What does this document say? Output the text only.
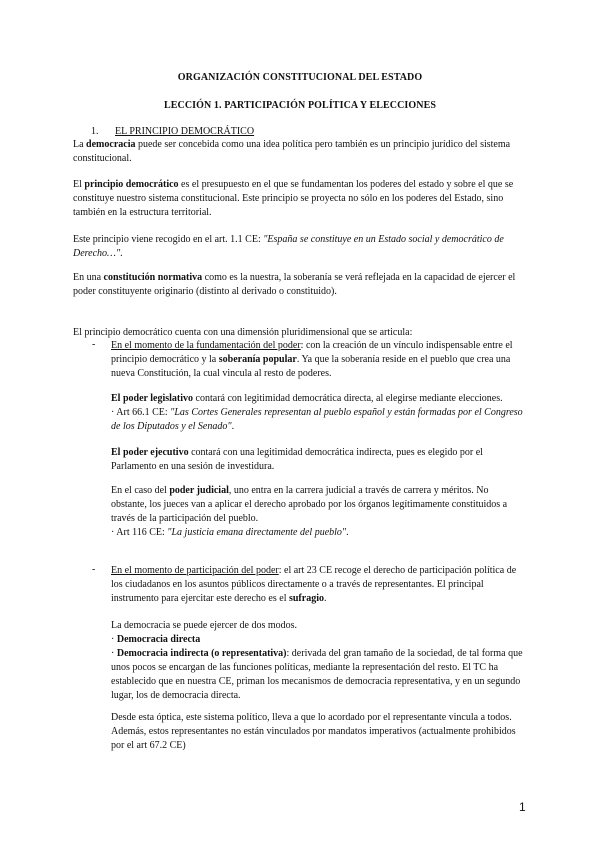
ORGANIZACIÓN CONSTITUCIONAL DEL ESTADO
LECCIÓN 1. PARTICIPACIÓN POLÍTICA Y ELECCIONES
1. EL PRINCIPIO DEMOCRÁTICO
La democracia puede ser concebida como una idea política pero también es un principio jurídico del sistema constitucional.
El principio democrático es el presupuesto en el que se fundamentan los poderes del estado y sobre el que se constituye nuestro sistema constitucional. Este principio se proyecta no sólo en los poderes del Estado, sino también en la estructura territorial.
Este principio viene recogido en el art. 1.1 CE: "España se constituye en un Estado social y democrático de Derecho…".
En una constitución normativa como es la nuestra, la soberanía se verá reflejada en la capacidad de ejercer el poder constituyente originario (distinto al derivado o constituido).
El principio democrático cuenta con una dimensión pluridimensional que se articula:
- En el momento de la fundamentación del poder: con la creación de un vínculo indispensable entre el principio democrático y la soberanía popular. Ya que la soberanía reside en el pueblo que crea una nueva Constitución, la cual vincula al resto de poderes.
El poder legislativo contará con legitimidad democrática directa, al elegirse mediante elecciones.
· Art 66.1 CE: "Las Cortes Generales representan al pueblo español y están formadas por el Congreso de los Diputados y el Senado".
El poder ejecutivo contará con una legitimidad democrática indirecta, pues es elegido por el Parlamento en una sesión de investidura.
En el caso del poder judicial, uno entra en la carrera judicial a través de carrera y méritos. No obstante, los jueces van a aplicar el derecho aprobado por los órganos legítimamente constituidos a través de la participación del pueblo.
· Art 116 CE: "La justicia emana directamente del pueblo".
- En el momento de participación del poder: el art 23 CE recoge el derecho de participación política de los ciudadanos en los asuntos públicos directamente o a través de representantes. El principal instrumento para ejercitar este derecho es el sufragio.
La democracia se puede ejercer de dos modos.
· Democracia directa
· Democracia indirecta (o representativa): derivada del gran tamaño de la sociedad, de tal forma que unos pocos se encargan de las funciones políticas, mediante la representación del resto. El TC ha establecido que en nuestra CE, priman los mecanismos de democracia representativa, y en un segundo lugar, los de democracia directa.
Desde esta óptica, este sistema político, lleva a que lo acordado por el representante vincula a todos. Además, estos representantes no están vinculados por mandatos imperativos (actualmente prohibidos por el art 67.2 CE)
1
